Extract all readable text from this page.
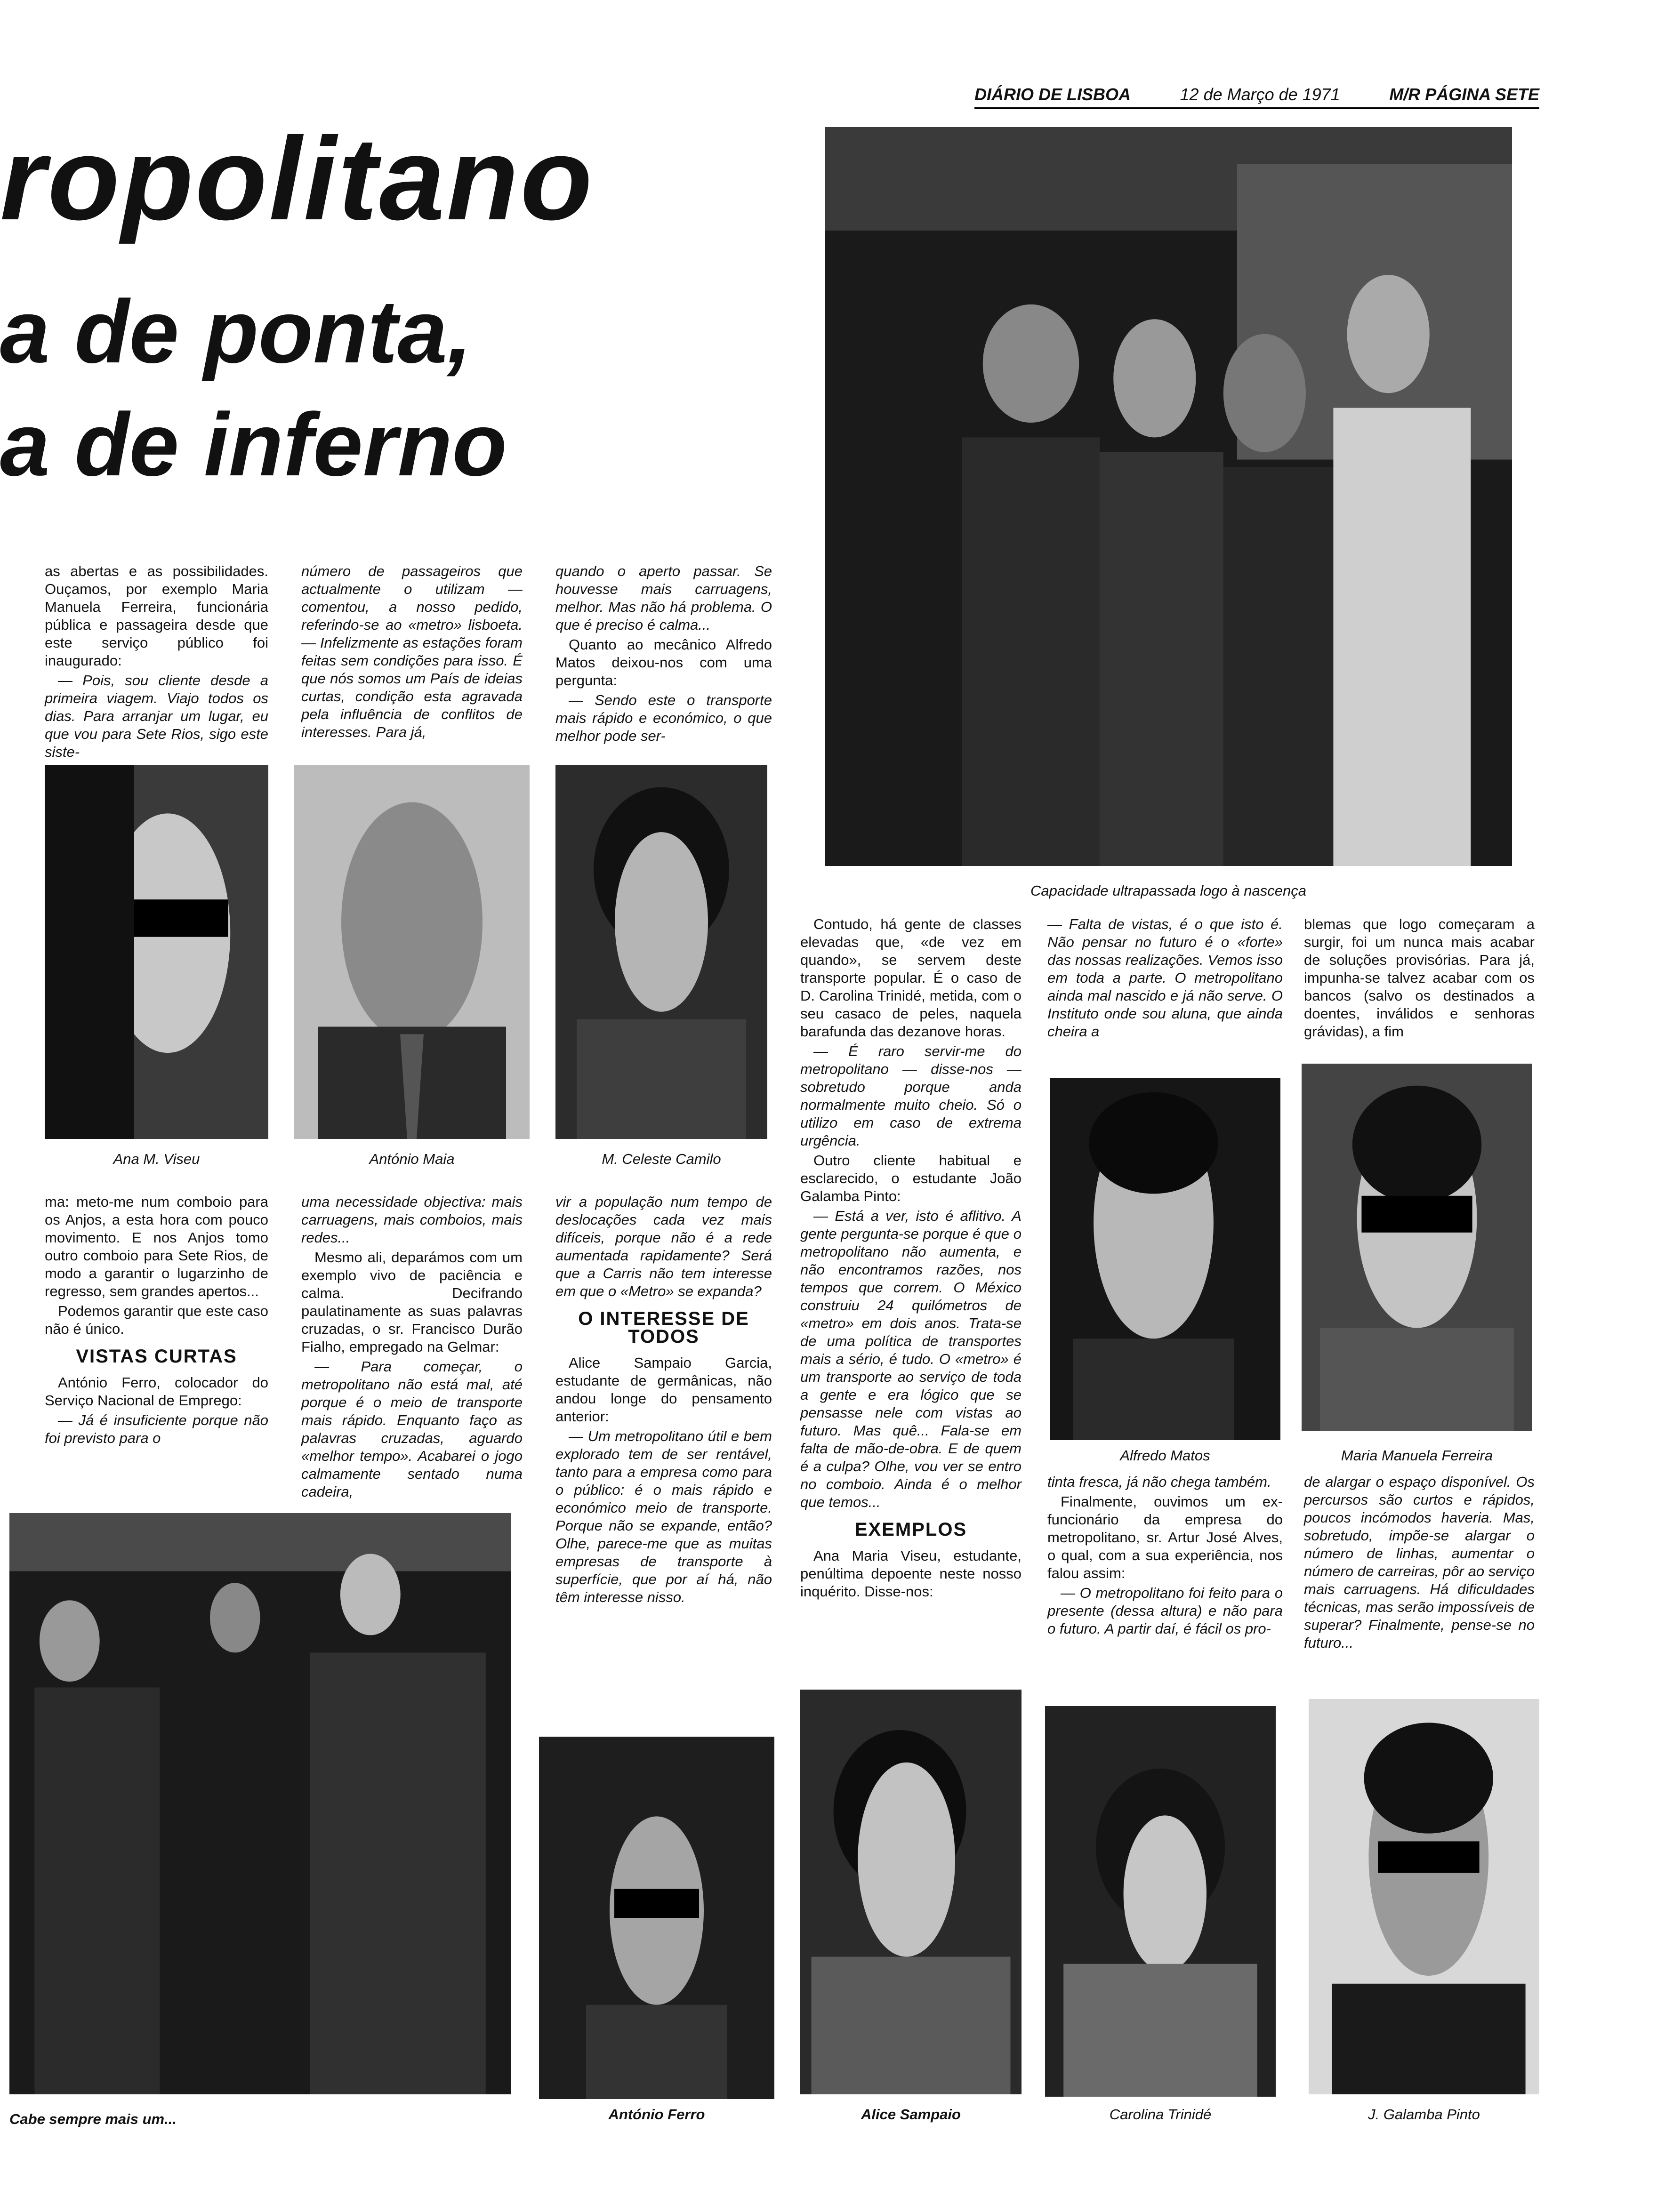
DIÁRIO DE LISBOA	12 de Março de 1971	M/R PÁGINA SETE
ropolitano
a de ponta,
a de inferno

as abertas e as possibilidades. Ouçamos, por exemplo Maria Manuela Ferreira, funcionária pública e passageira desde que este serviço público foi inaugurado:

— Pois, sou cliente desde a primeira viagem. Viajo todos os dias. Para arranjar um lugar, eu que vou para Sete Rios, sigo este siste-

número de passageiros que actualmente o utilizam — comentou, a nosso pedido, referindo-se ao «metro» lisboeta. — Infelizmente as estações foram feitas sem condições para isso. É que nós somos um País de ideias curtas, condição esta agravada pela influência de conflitos de interesses. Para já,

quando o aperto passar. Se houvesse mais carruagens, melhor. Mas não há problema. O que é preciso é calma...

Quanto ao mecânico Alfredo Matos deixou-nos com uma pergunta:

— Sendo este o transporte mais rápido e económico, o que melhor pode ser-

Capacidade ultrapassada logo à nascença
Ana M. Viseu	António Maia	M. Celeste Camilo

ma: meto-me num comboio para os Anjos, a esta hora com pouco movimento. E nos Anjos tomo outro comboio para Sete Rios, de modo a garantir o lugarzinho de regresso, sem grandes apertos...

Podemos garantir que este caso não é único.

VISTAS CURTAS

António Ferro, colocador do Serviço Nacional de Emprego:

— Já é insuficiente porque não foi previsto para o

uma necessidade objectiva: mais carruagens, mais comboios, mais redes...

Mesmo ali, deparámos com um exemplo vivo de paciência e calma. Decifrando paulatinamente as suas palavras cruzadas, o sr. Francisco Durão Fialho, empregado na Gelmar:

— Para começar, o metropolitano não está mal, até porque é o meio de transporte mais rápido. Enquanto faço as palavras cruzadas, aguardo «melhor tempo». Acabarei o jogo calmamente sentado numa cadeira,

vir a população num tempo de deslocações cada vez mais difíceis, porque não é a rede aumentada rapidamente? Será que a Carris não tem interesse em que o «Metro» se expanda?

O INTERESSE DE TODOS

Alice Sampaio Garcia, estudante de germânicas, não andou longe do pensamento anterior:

— Um metropolitano útil e bem explorado tem de ser rentável, tanto para a empresa como para o público: é o mais rápido e económico meio de transporte. Porque não se expande, então? Olhe, parece-me que as muitas empresas de transporte à superfície, que por aí há, não têm interesse nisso.

Contudo, há gente de classes elevadas que, «de vez em quando», se servem deste transporte popular. É o caso de D. Carolina Trinidé, metida, com o seu casaco de peles, naquela barafunda das dezanove horas.

— É raro servir-me do metropolitano — disse-nos — sobretudo porque anda normalmente muito cheio. Só o utilizo em caso de extrema urgência.

Outro cliente habitual e esclarecido, o estudante João Galamba Pinto:

— Está a ver, isto é aflitivo. A gente pergunta-se porque é que o metropolitano não aumenta, e não encontramos razões, nos tempos que correm. O México construiu 24 quilómetros de «metro» em dois anos. Trata-se de uma política de transportes mais a sério, é tudo. O «metro» é um transporte ao serviço de toda a gente e era lógico que se pensasse nele com vistas ao futuro. Mas quê... Fala-se em falta de mão-de-obra. E de quem é a culpa? Olhe, vou ver se entro no comboio. Ainda é o melhor que temos...

EXEMPLOS

Ana Maria Viseu, estudante, penúltima depoente neste nosso inquérito. Disse-nos:

— Falta de vistas, é o que isto é. Não pensar no futuro é o «forte» das nossas realizações. Vemos isso em toda a parte. O metropolitano ainda mal nascido e já não serve. O Instituto onde sou aluna, que ainda cheira a

blemas que logo começaram a surgir, foi um nunca mais acabar de soluções provisórias. Para já, impunha-se talvez acabar com os bancos (salvo os destinados a doentes, inválidos e senhoras grávidas), a fim

Alfredo Matos	Maria Manuela Ferreira

tinta fresca, já não chega também.

Finalmente, ouvimos um ex-funcionário da empresa do metropolitano, sr. Artur José Alves, o qual, com a sua experiência, nos falou assim:

— O metropolitano foi feito para o presente (dessa altura) e não para o futuro. A partir daí, é fácil os pro-

de alargar o espaço disponível. Os percursos são curtos e rápidos, poucos incómodos haveria. Mas, sobretudo, impõe-se alargar o número de linhas, aumentar o número de carreiras, pôr ao serviço mais carruagens. Há dificuldades técnicas, mas serão impossíveis de superar? Finalmente, pense-se no futuro...

Cabe sempre mais um...	António Ferro	Alice Sampaio	Carolina Trinidé	J. Galamba Pinto
